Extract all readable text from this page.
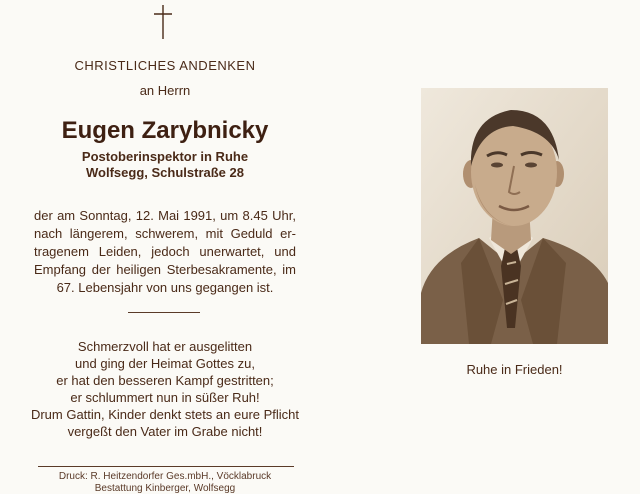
CHRISTLICHES ANDENKEN
an Herrn
Eugen Zarybnicky
Postoberinspektor in Ruhe
Wolfsegg, Schulstraße 28
der am Sonntag, 12. Mai 1991, um 8.45 Uhr,
nach längerem, schwerem, mit Geduld er-
tragenem Leiden, jedoch unerwartet, und
Empfang der heiligen Sterbesakramente, im
67. Lebensjahr von uns gegangen ist.
Schmerzvoll hat er ausgelitten
und ging der Heimat Gottes zu,
er hat den besseren Kampf gestritten;
er schlummert nun in süßer Ruh!
Drum Gattin, Kinder denkt stets an eure Pflicht
vergeßt den Vater im Grabe nicht!
Druck: R. Heitzendorfer Ges.mbH., Vöcklabruck
Bestattung Kinberger, Wolfsegg
Ruhe in Frieden!
